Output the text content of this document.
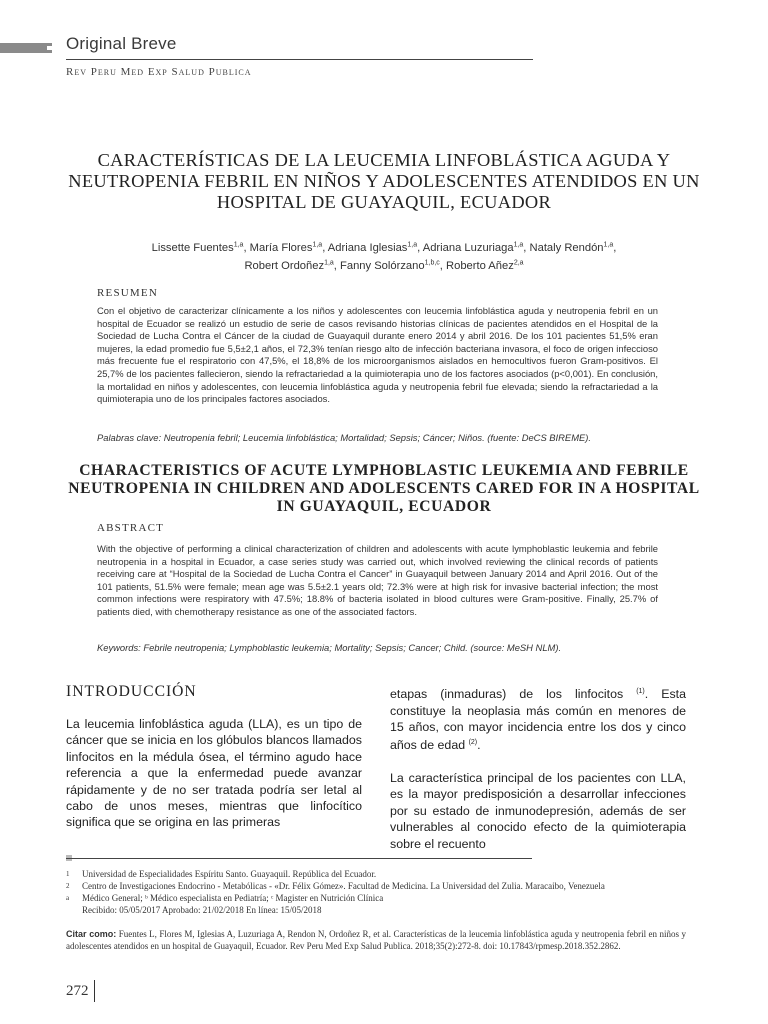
Original Breve
Rev Peru Med Exp Salud Publica
CARACTERÍSTICAS DE LA LEUCEMIA LINFOBLÁSTICA AGUDA Y NEUTROPENIA FEBRIL EN NIÑOS Y ADOLESCENTES ATENDIDOS EN UN HOSPITAL DE GUAYAQUIL, ECUADOR
Lissette Fuentes$^{1,a}$, María Flores$^{1,a}$, Adriana Iglesias$^{1,a}$, Adriana Luzuriaga$^{1,a}$, Nataly Rendón$^{1,a}$,
Robert Ordoñez$^{1,a}$, Fanny Solórzano$^{1,b,c}$, Roberto Añez$^{2,a}$
RESUMEN
Con el objetivo de caracterizar clínicamente a los niños y adolescentes con leucemia linfoblástica aguda y neutropenia febril en un hospital de Ecuador se realizó un estudio de serie de casos revisando historias clínicas de pacientes atendidos en el Hospital de la Sociedad de Lucha Contra el Cáncer de la ciudad de Guayaquil durante enero 2014 y abril 2016. De los 101 pacientes 51,5% eran mujeres, la edad promedio fue 5,5±2,1 años, el 72,3% tenían riesgo alto de infección bacteriana invasora, el foco de origen infeccioso más frecuente fue el respiratorio con 47,5%, el 18,8% de los microorganismos aislados en hemocultivos fueron Gram-positivos. El 25,7% de los pacientes fallecieron, siendo la refractariedad a la quimioterapia uno de los factores asociados (p<0,001). En conclusión, la mortalidad en niños y adolescentes, con leucemia linfoblástica aguda y neutropenia febril fue elevada; siendo la refractariedad a la quimioterapia uno de los principales factores asociados.
Palabras clave: Neutropenia febril; Leucemia linfoblástica; Mortalidad; Sepsis; Cáncer; Niños. (fuente: DeCS BIREME).
CHARACTERISTICS OF ACUTE LYMPHOBLASTIC LEUKEMIA AND FEBRILE NEUTROPENIA IN CHILDREN AND ADOLESCENTS CARED FOR IN A HOSPITAL IN GUAYAQUIL, ECUADOR
ABSTRACT
With the objective of performing a clinical characterization of children and adolescents with acute lymphoblastic leukemia and febrile neutropenia in a hospital in Ecuador, a case series study was carried out, which involved reviewing the clinical records of patients receiving care at “Hospital de la Sociedad de Lucha Contra el Cancer” in Guayaquil between January 2014 and April 2016. Out of the 101 patients, 51.5% were female; mean age was 5.5±2.1 years old; 72.3% were at high risk for invasive bacterial infection; the most common infections were respiratory with 47.5%; 18.8% of bacteria isolated in blood cultures were Gram-positive. Finally, 25.7% of patients died, with chemotherapy resistance as one of the associated factors.
Keywords: Febrile neutropenia; Lymphoblastic leukemia; Mortality; Sepsis; Cancer; Child. (source: MeSH NLM).
INTRODUCCIÓN

La leucemia linfoblástica aguda (LLA), es un tipo de cáncer que se inicia en los glóbulos blancos llamados linfocitos en la médula ósea, el término agudo hace referencia a que la enfermedad puede avanzar rápidamente y de no ser tratada podría ser letal al cabo de unos meses, mientras que linfocítico significa que se origina en las primeras

etapas (inmaduras) de los linfocitos $^{(1)}$. Esta constituye la neoplasia más común en menores de 15 años, con mayor incidencia entre los dos y cinco años de edad $^{(2)}$.

La característica principal de los pacientes con LLA, es la mayor predisposición a desarrollar infecciones por su estado de inmunodepresión, además de ser vulnerables al conocido efecto de la quimioterapia sobre el recuento

1	Universidad de Especialidades Espíritu Santo. Guayaquil. República del Ecuador.
2	Centro de Investigaciones Endocrino - Metabólicas - «Dr. Félix Gómez». Facultad de Medicina. La Universidad del Zulia. Maracaibo, Venezuela
a	Médico General; ᵇ Médico especialista en Pediatría; ᶜ Magister en Nutrición Clínica
Recibido: 05/05/2017 Aprobado: 21/02/2018 En línea: 15/05/2018
Citar como: Fuentes L, Flores M, Iglesias A, Luzuriaga A, Rendon N, Ordoñez R, et al. Características de la leucemia linfoblástica aguda y neutropenia febril en niños y adolescentes atendidos en un hospital de Guayaquil, Ecuador. Rev Peru Med Exp Salud Publica. 2018;35(2):272-8. doi: 10.17843/rpmesp.2018.352.2862.
272
